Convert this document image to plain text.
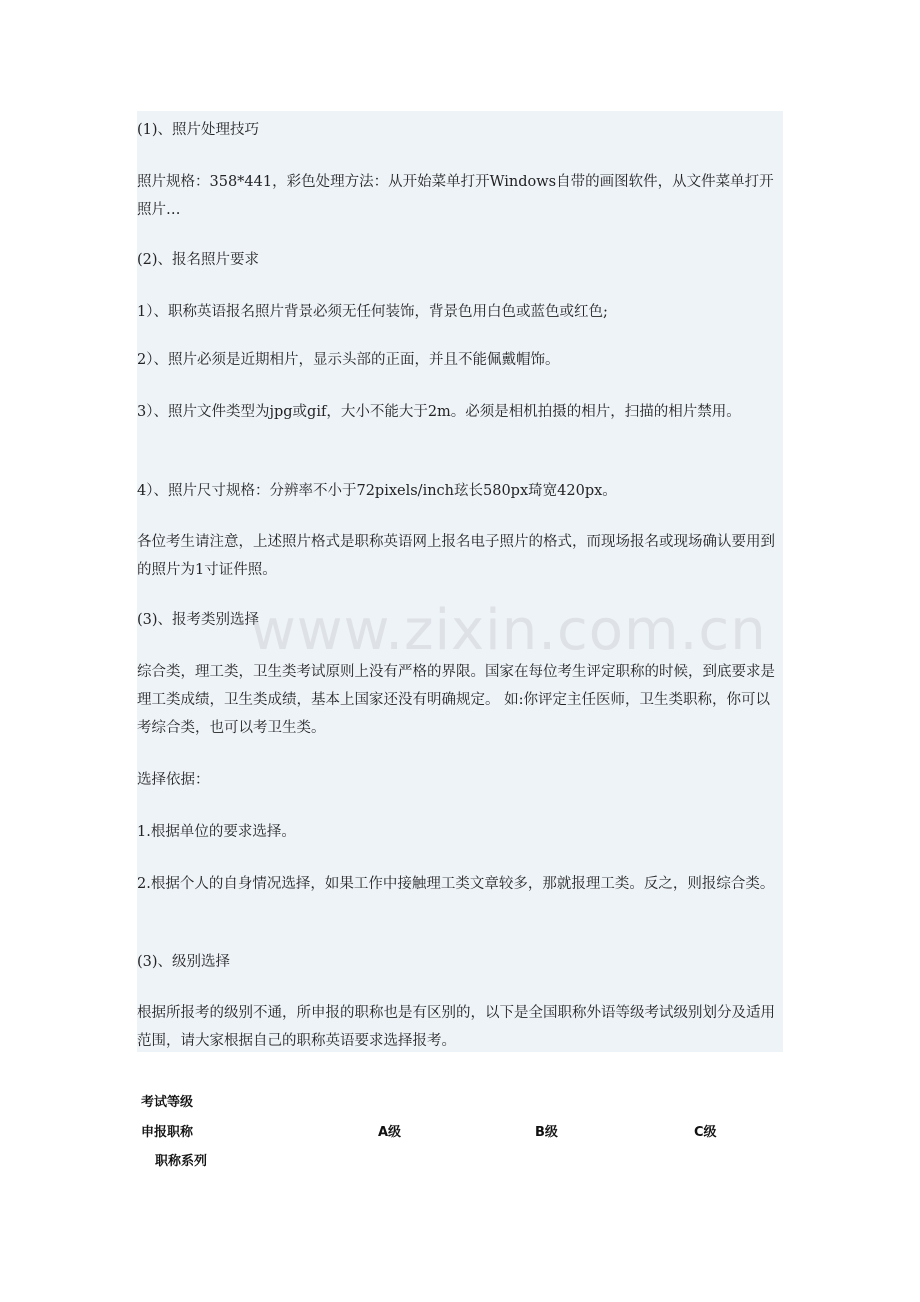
(1)、照片处理技巧

照片规格：358*441，彩色处理方法：从开始菜单打开Windows自带的画图软件，从文件菜单打开照片…

(2)、报名照片要求

1）、职称英语报名照片背景必须无任何装饰，背景色用白色或蓝色或红色;

2）、照片必须是近期相片，显示头部的正面，并且不能佩戴帽饰。

3）、照片文件类型为jpg或gif，大小不能大于2m。必须是相机拍摄的相片，扫描的相片禁用。

4）、照片尺寸规格：分辨率不小于72pixels/inch玹长580px琦宽420px。

各位考生请注意，上述照片格式是职称英语网上报名电子照片的格式，而现场报名或现场确认要用到的照片为1寸证件照。

(3)、报考类别选择

综合类，理工类，卫生类考试原则上没有严格的界限。国家在每位考生评定职称的时候，到底要求是理工类成绩，卫生类成绩，基本上国家还没有明确规定。 如:你评定主任医师，卫生类职称，你可以考综合类，也可以考卫生类。

选择依据：

1.根据单位的要求选择。

2.根据个人的自身情况选择，如果工作中接触理工类文章较多，那就报理工类。反之，则报综合类。

(3)、级别选择

根据所报考的级别不通，所申报的职称也是有区别的，以下是全国职称外语等级考试级别划分及适用范围，请大家根据自己的职称英语要求选择报考。

www.zixin.com.cn
考试等级
申报职称	A级	B级	C级
职称系列
